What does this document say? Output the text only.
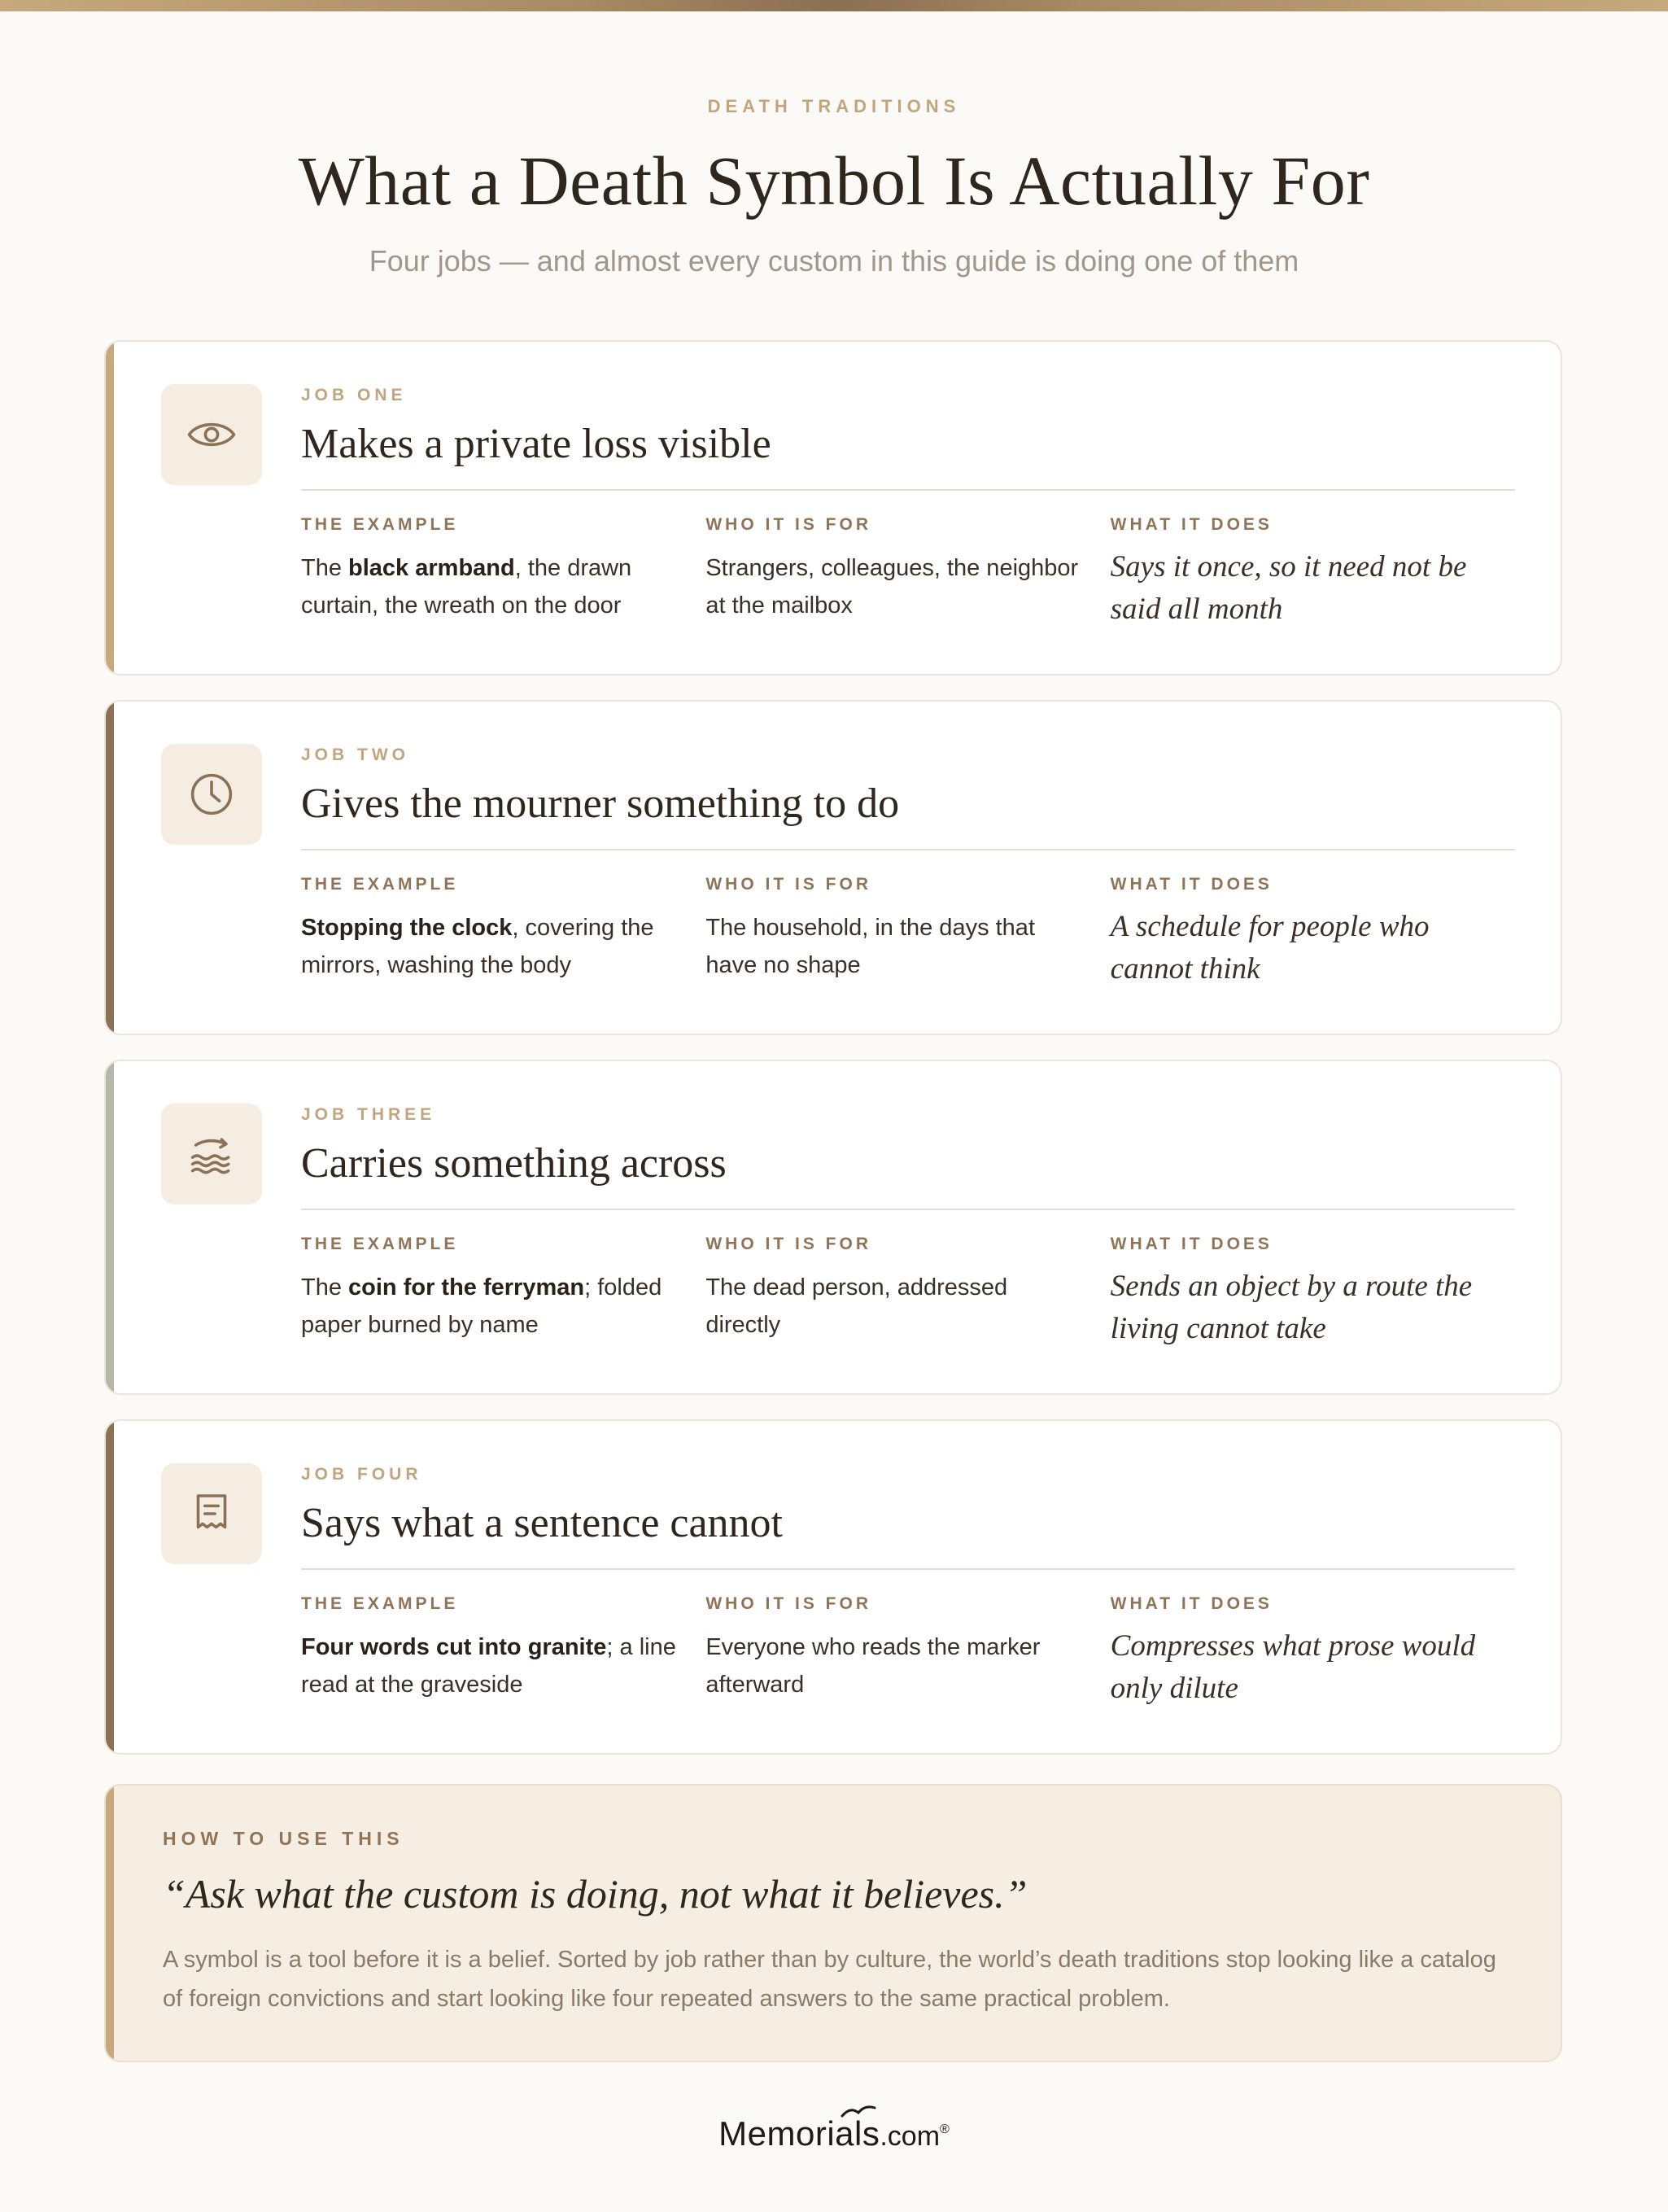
DEATH TRADITIONS
What a Death Symbol Is Actually For
Four jobs — and almost every custom in this guide is doing one of them
JOB ONE
Makes a private loss visible
THE EXAMPLE
The black armband, the drawn curtain, the wreath on the door
WHO IT IS FOR
Strangers, colleagues, the neighbor at the mailbox
WHAT IT DOES
Says it once, so it need not be said all month
JOB TWO
Gives the mourner something to do
THE EXAMPLE
Stopping the clock, covering the mirrors, washing the body
WHO IT IS FOR
The household, in the days that have no shape
WHAT IT DOES
A schedule for people who cannot think
JOB THREE
Carries something across
THE EXAMPLE
The coin for the ferryman; folded paper burned by name
WHO IT IS FOR
The dead person, addressed directly
WHAT IT DOES
Sends an object by a route the living cannot take
JOB FOUR
Says what a sentence cannot
THE EXAMPLE
Four words cut into granite; a line read at the graveside
WHO IT IS FOR
Everyone who reads the marker afterward
WHAT IT DOES
Compresses what prose would only dilute
HOW TO USE THIS
“Ask what the custom is doing, not what it believes.”
A symbol is a tool before it is a belief. Sorted by job rather than by culture, the world’s death traditions stop looking like a catalog of foreign convictions and start looking like four repeated answers to the same practical problem.
Memorials.com®
